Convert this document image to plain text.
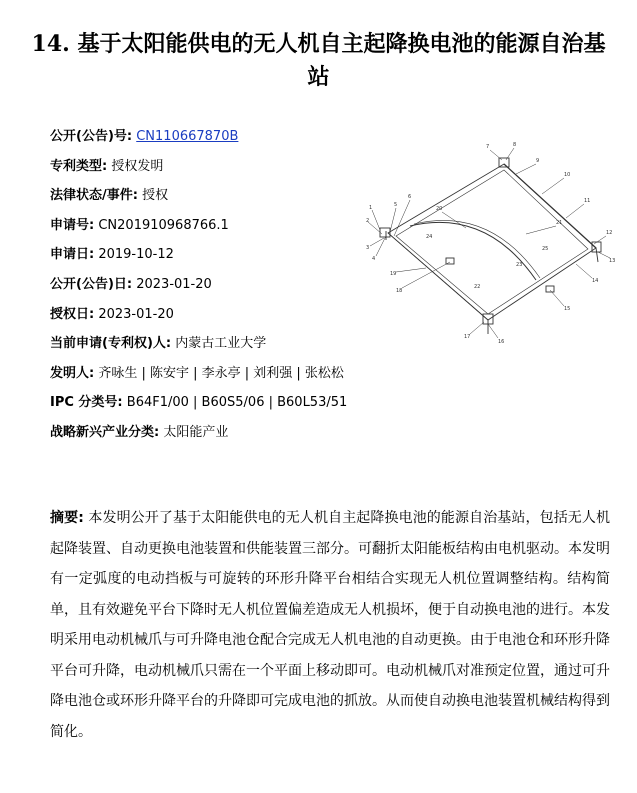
14. 基于太阳能供电的无人机自主起降换电池的能源自治基站
公开(公告)号: CN110667870B
专利类型: 授权发明
法律状态/事件: 授权
申请号: CN201910968766.1
申请日: 2019-10-12
公开(公告)日: 2023-01-20
授权日: 2023-01-20
当前申请(专利权)人: 内蒙古工业大学
发明人: 齐咏生 | 陈安宇 | 李永亭 | 刘利强 | 张松松
IPC 分类号: B64F1/00 | B60S5/06 | B60L53/51
战略新兴产业分类: 太阳能产业
1
2
3
4
5
6
7	8
9
10
11
12
13
14
15
16
17
18
19
20
21
22
23
24
25
摘要: 本发明公开了基于太阳能供电的无人机自主起降换电池的能源自治基站，包括无人机起降装置、自动更换电池装置和供能装置三部分。可翻折太阳能板结构由电机驱动。本发明有一定弧度的电动挡板与可旋转的环形升降平台相结合实现无人机位置调整结构。结构简单，且有效避免平台下降时无人机位置偏差造成无人机损坏，便于自动换电池的进行。本发明采用电动机械爪与可升降电池仓配合完成无人机电池的自动更换。由于电池仓和环形升降平台可升降，电动机械爪只需在一个平面上移动即可。电动机械爪对准预定位置，通过可升降电池仓或环形升降平台的升降即可完成电池的抓放。从而使自动换电池装置机械结构得到简化。
